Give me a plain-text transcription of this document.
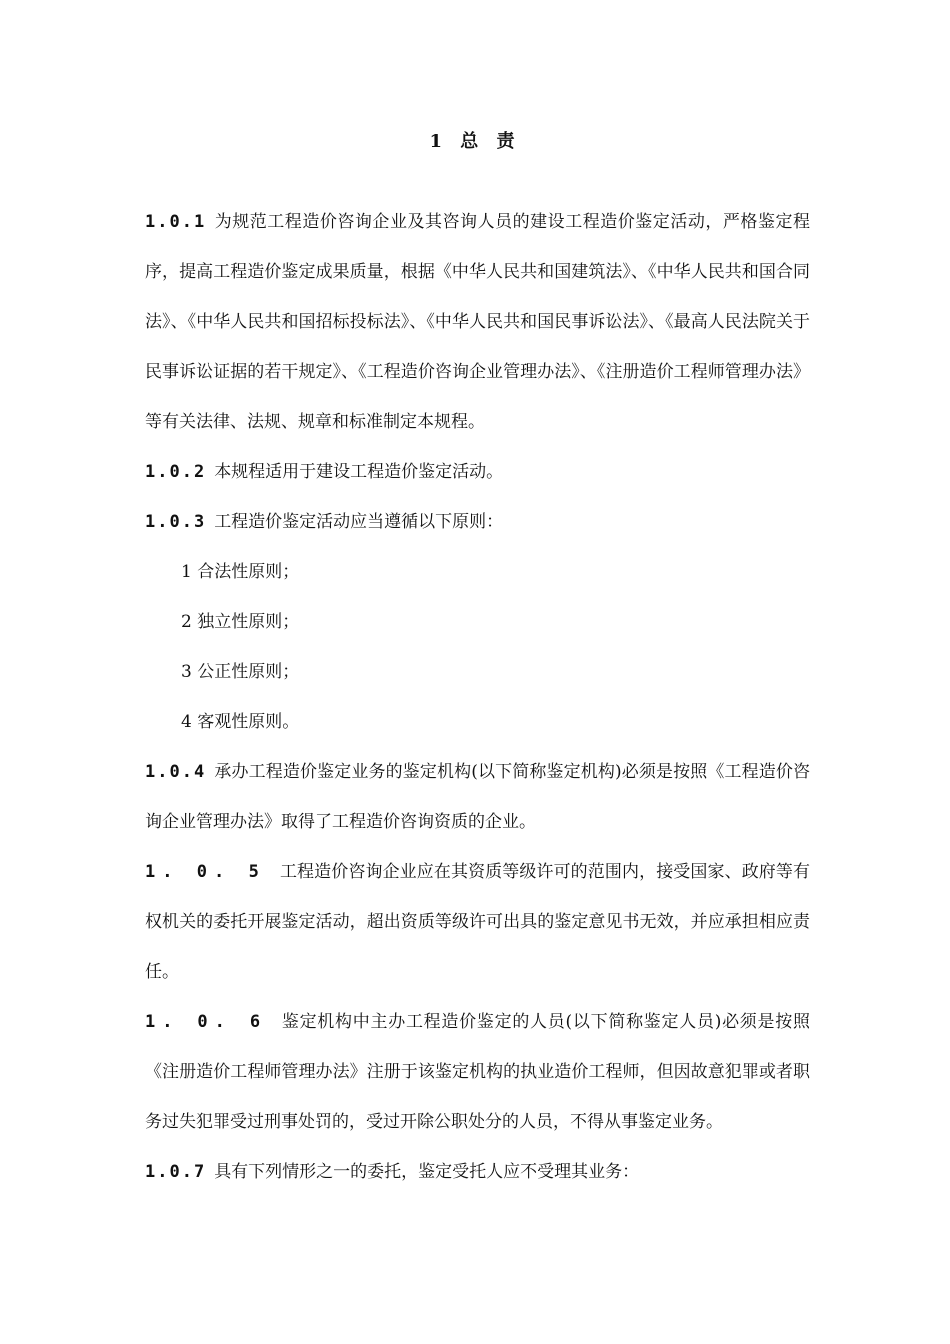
1 总 责

1.0.1 为规范工程造价咨询企业及其咨询人员的建设工程造价鉴定活动，严格鉴定程序，提高工程造价鉴定成果质量，根据《中华人民共和国建筑法》、《中华人民共和国合同法》、《中华人民共和国招标投标法》、《中华人民共和国民事诉讼法》、《最高人民法院关于民事诉讼证据的若干规定》、《工程造价咨询企业管理办法》、《注册造价工程师管理办法》等有关法律、法规、规章和标准制定本规程。

1.0.2 本规程适用于建设工程造价鉴定活动。

1.0.3 工程造价鉴定活动应当遵循以下原则：

1 合法性原则；

2 独立性原则；

3 公正性原则；

4 客观性原则。

1.0.4 承办工程造价鉴定业务的鉴定机构(以下简称鉴定机构)必须是按照《工程造价咨询企业管理办法》取得了工程造价咨询资质的企业。

1. 0. 5 工程造价咨询企业应在其资质等级许可的范围内，接受国家、政府等有权机关的委托开展鉴定活动，超出资质等级许可出具的鉴定意见书无效，并应承担相应责任。

1. 0. 6 鉴定机构中主办工程造价鉴定的人员(以下简称鉴定人员)必须是按照《注册造价工程师管理办法》注册于该鉴定机构的执业造价工程师，但因故意犯罪或者职务过失犯罪受过刑事处罚的，受过开除公职处分的人员，不得从事鉴定业务。

1.0.7 具有下列情形之一的委托，鉴定受托人应不受理其业务：
